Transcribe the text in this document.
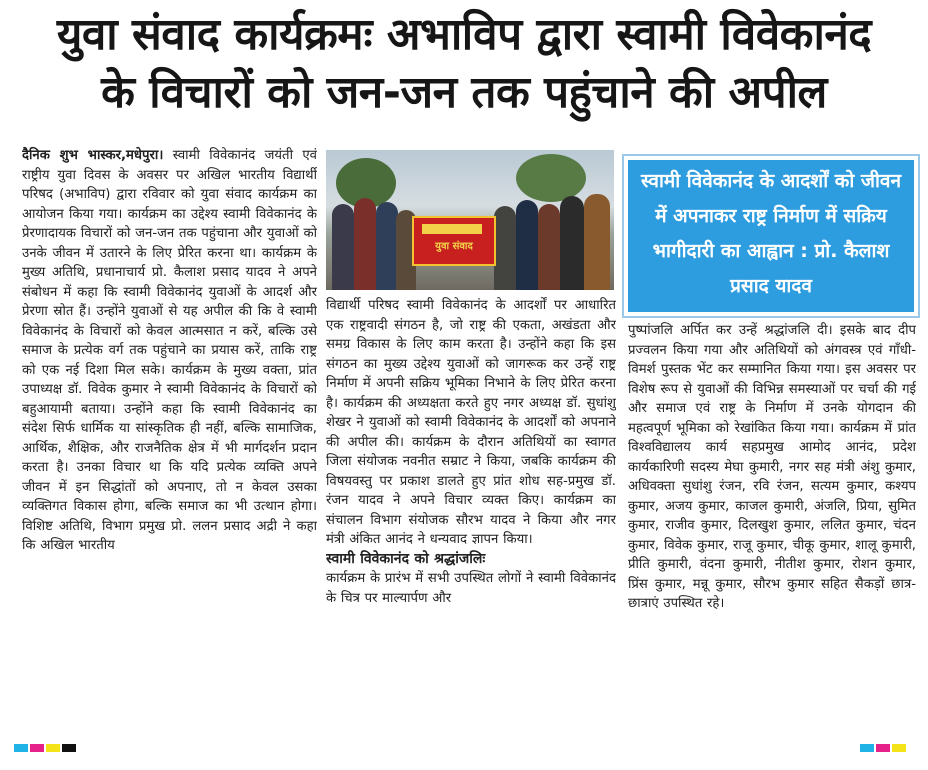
युवा संवाद कार्यक्रमः अभाविप द्वारा स्वामी विवेकानंद
के विचारों को जन-जन तक पहुंचाने की अपील

दैनिक शुभ भास्कर,मधेपुरा। स्वामी विवेकानंद जयंती एवं राष्ट्रीय युवा दिवस के अवसर पर अखिल भारतीय विद्यार्थी परिषद (अभाविप) द्वारा रविवार को युवा संवाद कार्यक्रम का आयोजन किया गया। कार्यक्रम का उद्देश्य स्वामी विवेकानंद के प्रेरणादायक विचारों को जन-जन तक पहुंचाना और युवाओं को उनके जीवन में उतारने के लिए प्रेरित करना था। कार्यक्रम के मुख्य अतिथि, प्रधानाचार्य प्रो. कैलाश प्रसाद यादव ने अपने संबोधन में कहा कि स्वामी विवेकानंद युवाओं के आदर्श और प्रेरणा स्रोत हैं। उन्होंने युवाओं से यह अपील की कि वे स्वामी विवेकानंद के विचारों को केवल आत्मसात न करें, बल्कि उसे समाज के प्रत्येक वर्ग तक पहुंचाने का प्रयास करें, ताकि राष्ट्र को एक नई दिशा मिल सके। कार्यक्रम के मुख्य वक्ता, प्रांत उपाध्यक्ष डॉ. विवेक कुमार ने स्वामी विवेकानंद के विचारों को बहुआयामी बताया। उन्होंने कहा कि स्वामी विवेकानंद का संदेश सिर्फ धार्मिक या सांस्कृतिक ही नहीं, बल्कि सामाजिक, आर्थिक, शैक्षिक, और राजनैतिक क्षेत्र में भी मार्गदर्शन प्रदान करता है। उनका विचार था कि यदि प्रत्येक व्यक्ति अपने जीवन में इन सिद्धांतों को अपनाए, तो न केवल उसका व्यक्तिगत विकास होगा, बल्कि समाज का भी उत्थान होगा। विशिष्ट अतिथि, विभाग प्रमुख प्रो. ललन प्रसाद अद्री ने कहा कि अखिल भारतीय

युवा संवाद

विद्यार्थी परिषद स्वामी विवेकानंद के आदर्शों पर आधारित एक राष्ट्रवादी संगठन है, जो राष्ट्र की एकता, अखंडता और समग्र विकास के लिए काम करता है। उन्होंने कहा कि इस संगठन का मुख्य उद्देश्य युवाओं को जागरूक कर उन्हें राष्ट्र निर्माण में अपनी सक्रिय भूमिका निभाने के लिए प्रेरित करना है। कार्यक्रम की अध्यक्षता करते हुए नगर अध्यक्ष डॉ. सुधांशु शेखर ने युवाओं को स्वामी विवेकानंद के आदर्शों को अपनाने की अपील की। कार्यक्रम के दौरान अतिथियों का स्वागत जिला संयोजक नवनीत सम्राट ने किया, जबकि कार्यक्रम की विषयवस्तु पर प्रकाश डालते हुए प्रांत शोध सह-प्रमुख डॉ. रंजन यादव ने अपने विचार व्यक्त किए। कार्यक्रम का संचालन विभाग संयोजक सौरभ यादव ने किया और नगर मंत्री अंकित आनंद ने धन्यवाद ज्ञापन किया।

स्वामी विवेकानंद को श्रद्धांजलिः

कार्यक्रम के प्रारंभ में सभी उपस्थित लोगों ने स्वामी विवेकानंद के चित्र पर माल्यार्पण और

स्वामी विवेकानंद के आदर्शों को जीवन में अपनाकर राष्ट्र निर्माण में सक्रिय भागीदारी का आह्वान : प्रो. कैलाश प्रसाद यादव

पुष्पांजलि अर्पित कर उन्हें श्रद्धांजलि दी। इसके बाद दीप प्रज्वलन किया गया और अतिथियों को अंगवस्त्र एवं गाँधी-विमर्श पुस्तक भेंट कर सम्मानित किया गया। इस अवसर पर विशेष रूप से युवाओं की विभिन्न समस्याओं पर चर्चा की गई और समाज एवं राष्ट्र के निर्माण में उनके योगदान की महत्वपूर्ण भूमिका को रेखांकित किया गया। कार्यक्रम में प्रांत विश्वविद्यालय कार्य सहप्रमुख आमोद आनंद, प्रदेश कार्यकारिणी सदस्य मेघा कुमारी, नगर सह मंत्री अंशु कुमार, अधिवक्ता सुधांशु रंजन, रवि रंजन, सत्यम कुमार, कश्यप कुमार, अजय कुमार, काजल कुमारी, अंजलि, प्रिया, सुमित कुमार, राजीव कुमार, दिलखुश कुमार, ललित कुमार, चंदन कुमार, विवेक कुमार, राजू कुमार, चीकू कुमार, शालू कुमारी, प्रीति कुमारी, वंदना कुमारी, नीतीश कुमार, रोशन कुमार, प्रिंस कुमार, मन्नू कुमार, सौरभ कुमार सहित सैकड़ों छात्र-छात्राएं उपस्थित रहे।
